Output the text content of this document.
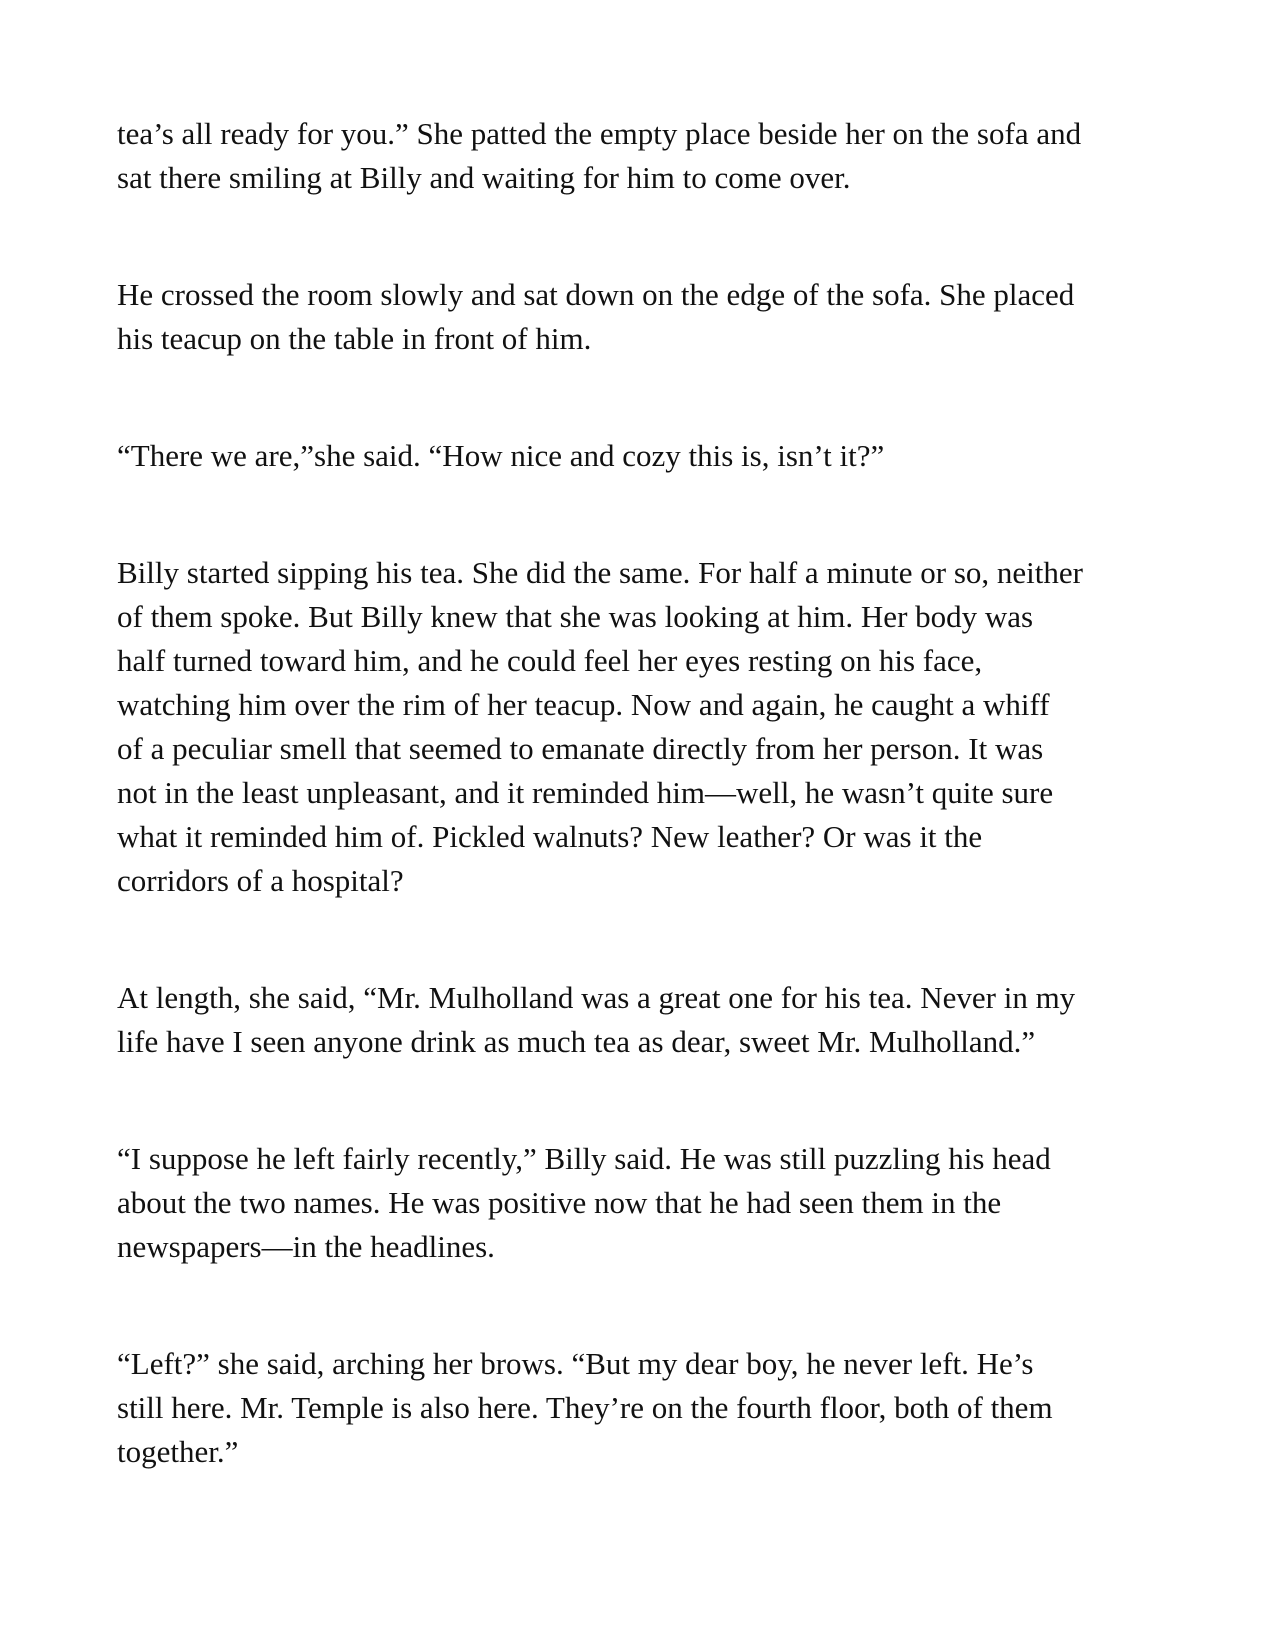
tea’s all ready for you.” She patted the empty place beside her on the sofa and
sat there smiling at Billy and waiting for him to come over.

He crossed the room slowly and sat down on the edge of the sofa. She placed
his teacup on the table in front of him.

“There we are,”she said. “How nice and cozy this is, isn’t it?”

Billy started sipping his tea. She did the same. For half a minute or so, neither
of them spoke. But Billy knew that she was looking at him. Her body was
half turned toward him, and he could feel her eyes resting on his face,
watching him over the rim of her teacup. Now and again, he caught a whiff
of a peculiar smell that seemed to emanate directly from her person. It was
not in the least unpleasant, and it reminded him—well, he wasn’t quite sure
what it reminded him of. Pickled walnuts? New leather? Or was it the
corridors of a hospital?

At length, she said, “Mr. Mulholland was a great one for his tea. Never in my
life have I seen anyone drink as much tea as dear, sweet Mr. Mulholland.”

“I suppose he left fairly recently,” Billy said. He was still puzzling his head
about the two names. He was positive now that he had seen them in the
newspapers—in the headlines.

“Left?” she said, arching her brows. “But my dear boy, he never left. He’s
still here. Mr. Temple is also here. They’re on the fourth floor, both of them
together.”
